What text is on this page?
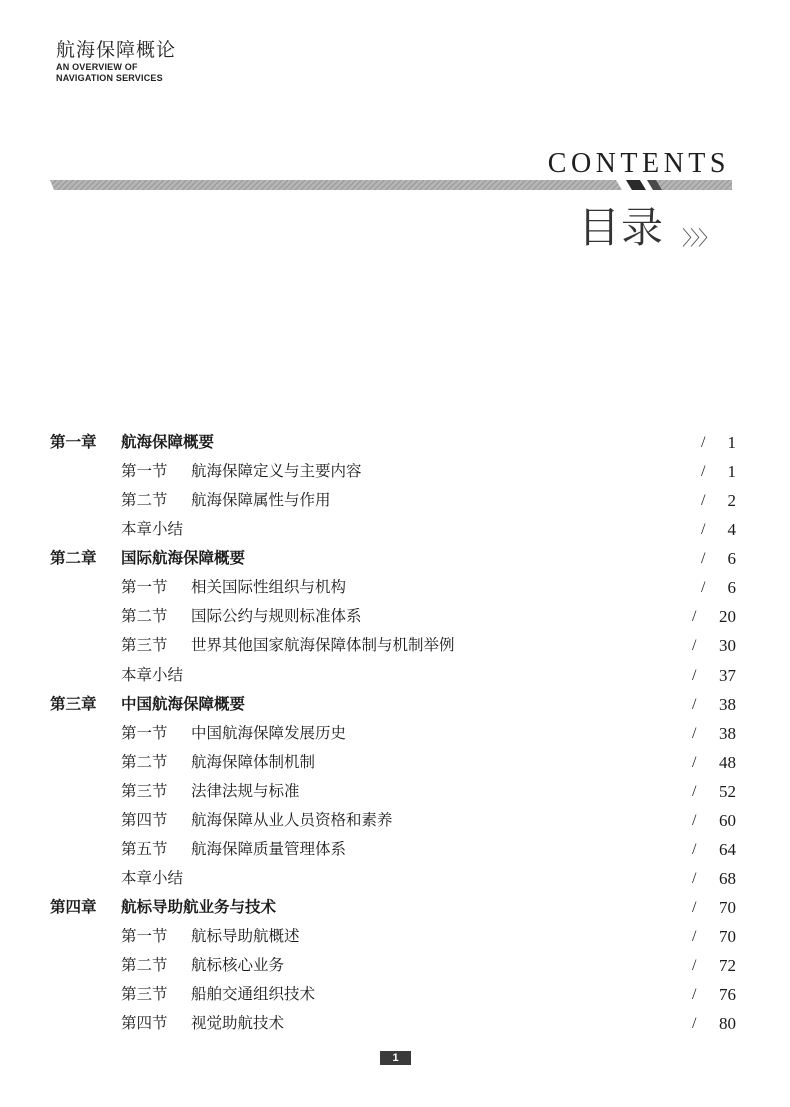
航海保障概论
AN OVERVIEW OF
NAVIGATION SERVICES
CONTENTS
目录 〉〉〉
第一章 航海保障概要	/ 1
第一节 航海保障定义与主要内容	/ 1
第二节 航海保障属性与作用	/ 2
本章小结	/ 4
第二章 国际航海保障概要	/ 6
第一节 相关国际性组织与机构	/ 6
第二节 国际公约与规则标准体系	/ 20
第三节 世界其他国家航海保障体制与机制举例	/ 30
本章小结	/ 37
第三章 中国航海保障概要	/ 38
第一节 中国航海保障发展历史	/ 38
第二节 航海保障体制机制	/ 48
第三节 法律法规与标准	/ 52
第四节 航海保障从业人员资格和素养	/ 60
第五节 航海保障质量管理体系	/ 64
本章小结	/ 68
第四章 航标导助航业务与技术	/ 70
第一节 航标导助航概述	/ 70
第二节 航标核心业务	/ 72
第三节 船舶交通组织技术	/ 76
第四节 视觉助航技术	/ 80
1
